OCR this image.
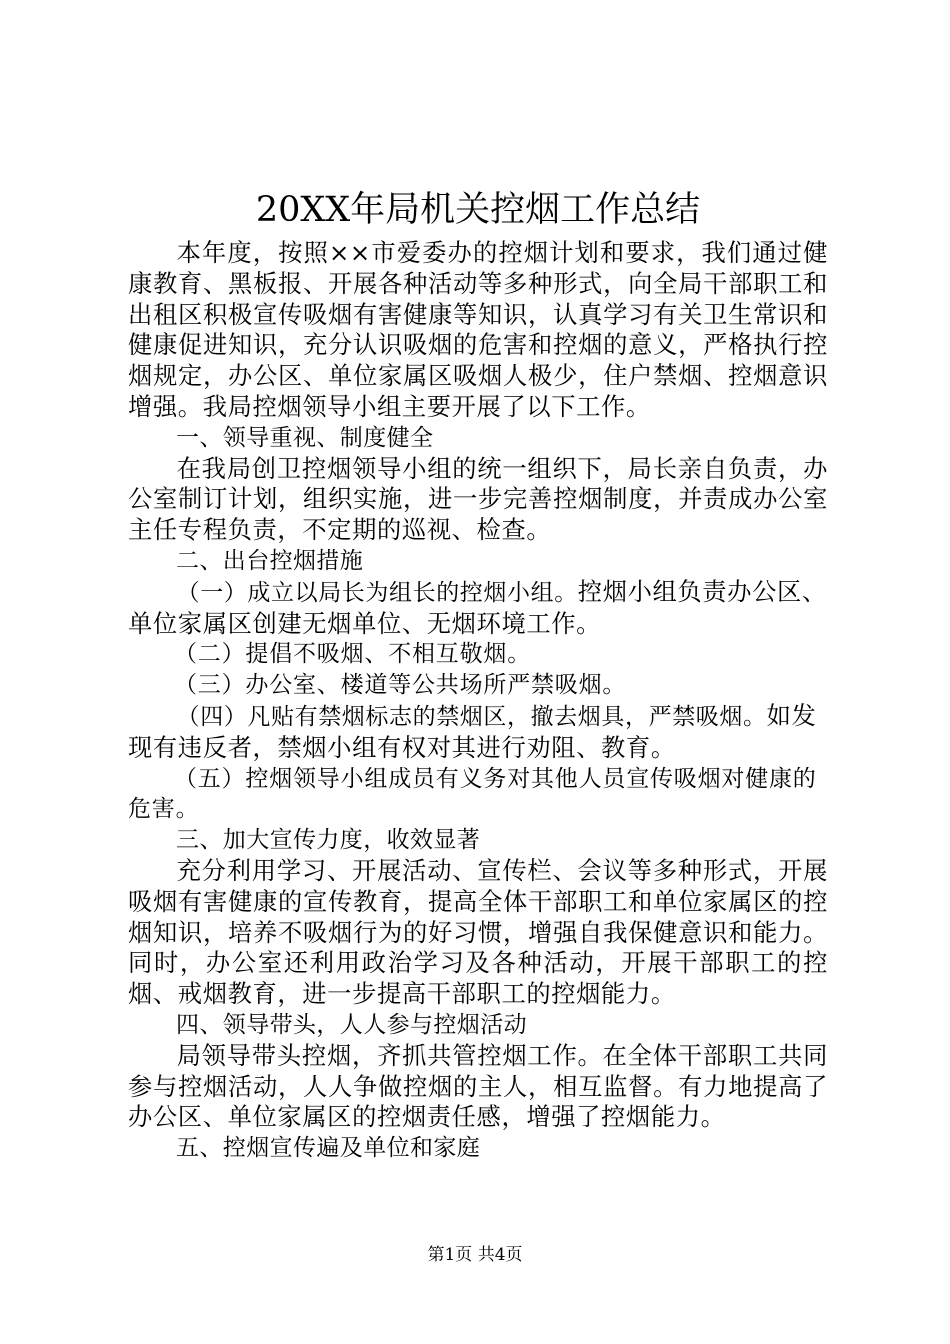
20XX年局机关控烟工作总结

本年度，按照××市爱委办的控烟计划和要求，我们通过健康教育、黑板报、开展各种活动等多种形式，向全局干部职工和出租区积极宣传吸烟有害健康等知识，认真学习有关卫生常识和健康促进知识，充分认识吸烟的危害和控烟的意义，严格执行控烟规定，办公区、单位家属区吸烟人极少，住户禁烟、控烟意识增强。我局控烟领导小组主要开展了以下工作。

一、领导重视、制度健全

在我局创卫控烟领导小组的统一组织下，局长亲自负责，办公室制订计划，组织实施，进一步完善控烟制度，并责成办公室主任专程负责，不定期的巡视、检查。

二、出台控烟措施

（一）成立以局长为组长的控烟小组。控烟小组负责办公区、单位家属区创建无烟单位、无烟环境工作。

（二）提倡不吸烟、不相互敬烟。

（三）办公室、楼道等公共场所严禁吸烟。

（四）凡贴有禁烟标志的禁烟区，撤去烟具，严禁吸烟。如发现有违反者，禁烟小组有权对其进行劝阻、教育。

（五）控烟领导小组成员有义务对其他人员宣传吸烟对健康的危害。

三、加大宣传力度，收效显著

充分利用学习、开展活动、宣传栏、会议等多种形式，开展吸烟有害健康的宣传教育，提高全体干部职工和单位家属区的控烟知识，培养不吸烟行为的好习惯，增强自我保健意识和能力。同时，办公室还利用政治学习及各种活动，开展干部职工的控烟、戒烟教育，进一步提高干部职工的控烟能力。

四、领导带头，人人参与控烟活动

局领导带头控烟，齐抓共管控烟工作。在全体干部职工共同参与控烟活动，人人争做控烟的主人，相互监督。有力地提高了办公区、单位家属区的控烟责任感，增强了控烟能力。

五、控烟宣传遍及单位和家庭

第1页 共4页
